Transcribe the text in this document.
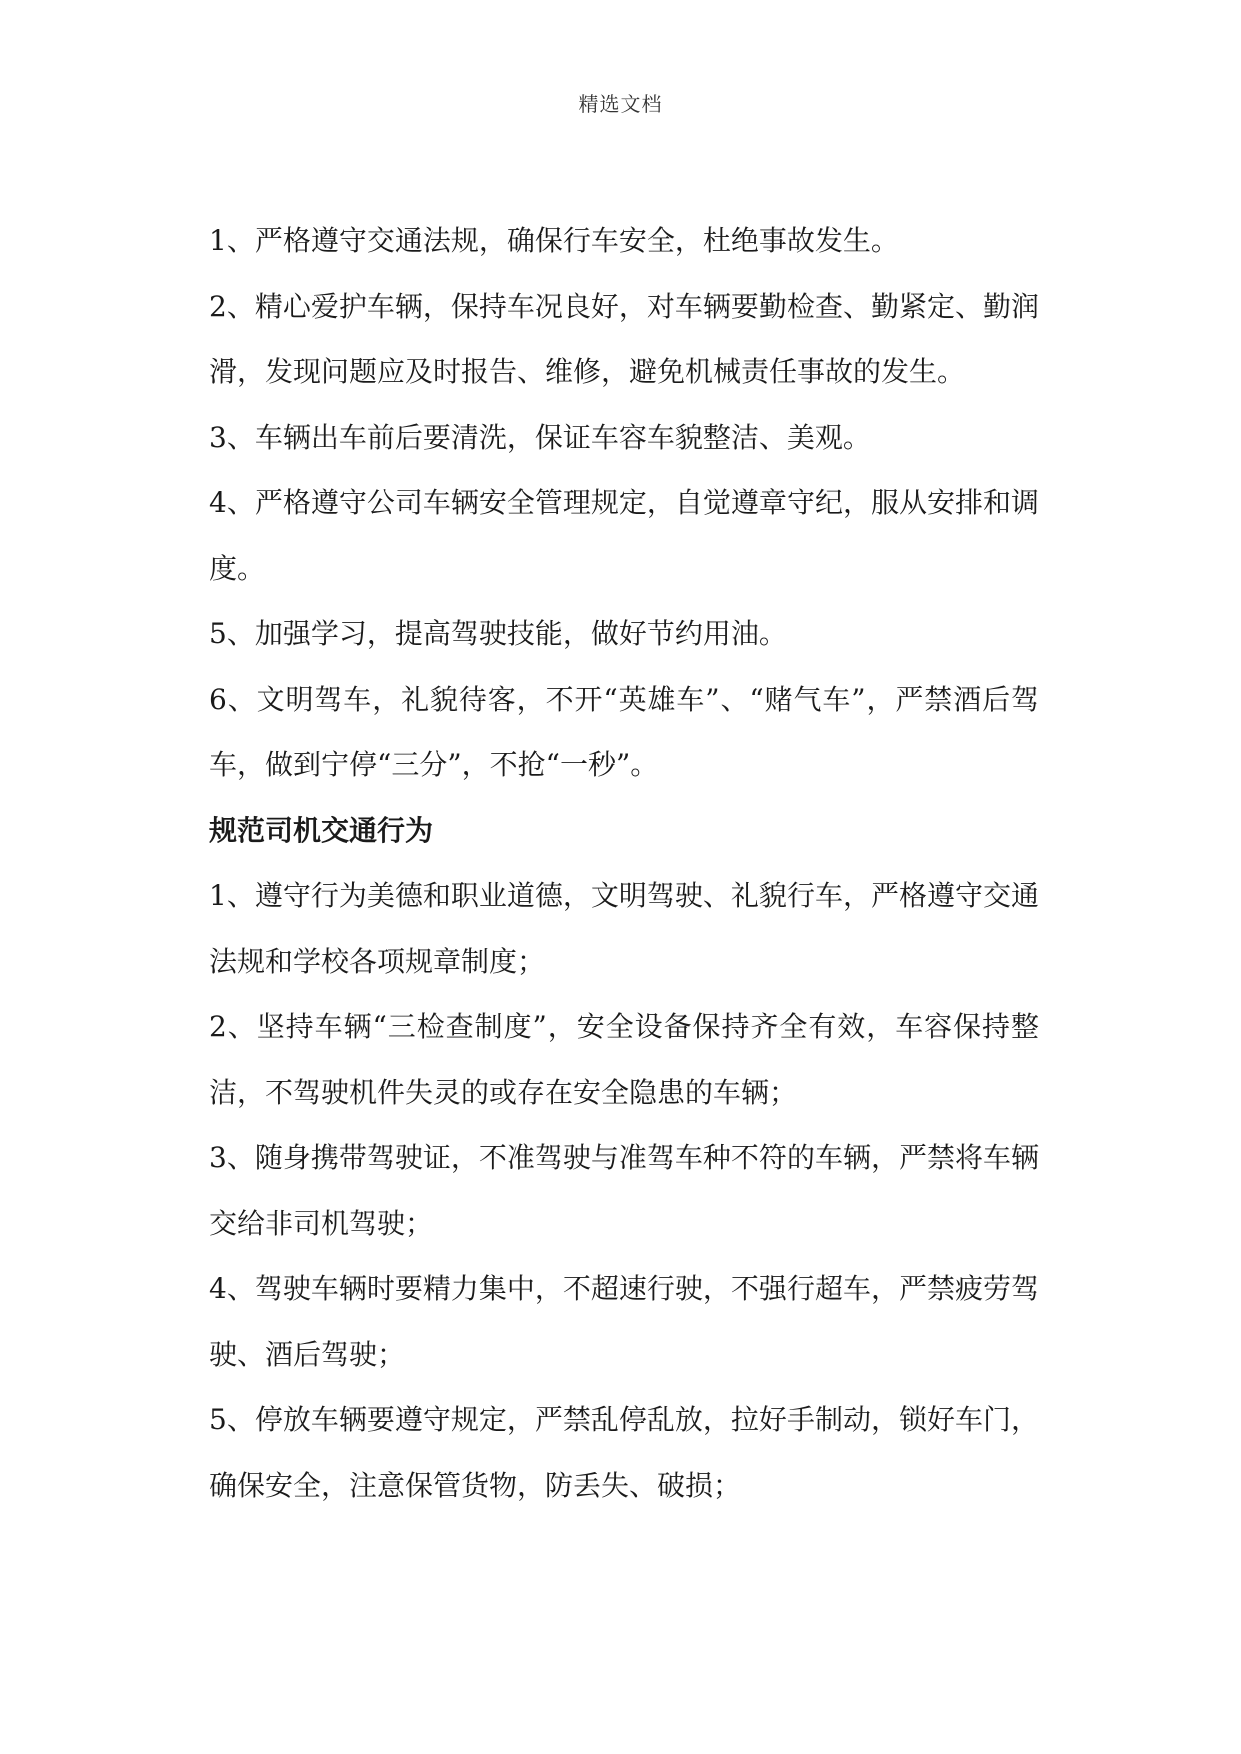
精选文档

1、严格遵守交通法规，确保行车安全，杜绝事故发生。

2、精心爱护车辆，保持车况良好，对车辆要勤检查、勤紧定、勤润滑，发现问题应及时报告、维修，避免机械责任事故的发生。

3、车辆出车前后要清洗，保证车容车貌整洁、美观。

4、严格遵守公司车辆安全管理规定，自觉遵章守纪，服从安排和调度。

5、加强学习，提高驾驶技能，做好节约用油。

6、文明驾车，礼貌待客，不开“英雄车”、“赌气车”，严禁酒后驾车，做到宁停“三分”，不抢“一秒”。

规范司机交通行为

1、遵守行为美德和职业道德，文明驾驶、礼貌行车，严格遵守交通法规和学校各项规章制度；

2、坚持车辆“三检查制度”，安全设备保持齐全有效，车容保持整洁，不驾驶机件失灵的或存在安全隐患的车辆；

3、随身携带驾驶证，不准驾驶与准驾车种不符的车辆，严禁将车辆交给非司机驾驶；

4、驾驶车辆时要精力集中，不超速行驶，不强行超车，严禁疲劳驾驶、酒后驾驶；

5、停放车辆要遵守规定，严禁乱停乱放，拉好手制动，锁好车门，确保安全，注意保管货物，防丢失、破损；
